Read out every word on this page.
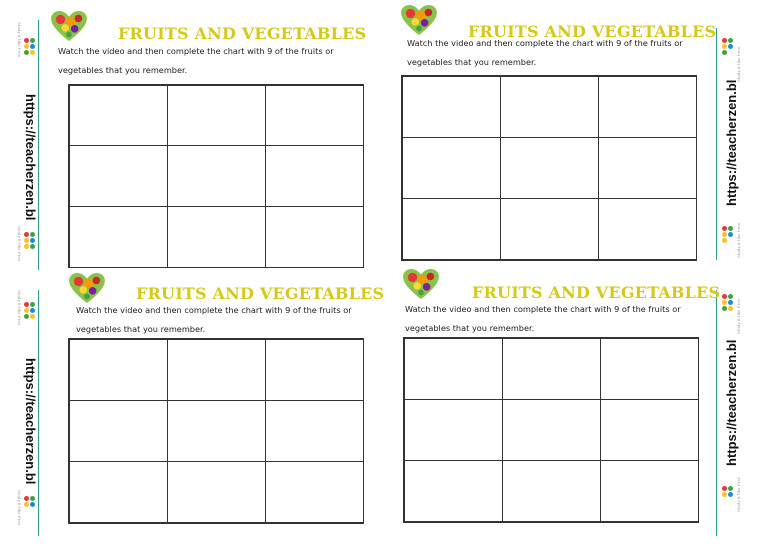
Study it like Free
https://teacherzen.bl
Study it like Free
Study it like Free
https://teacherzen.bl
Study it like Free
Study it like Free
https://teacherzen.bl
Study it like Free
Study it like Free
https://teacherzen.bl
Study it like Free
FRUITS AND VEGETABLES
Watch the video and then complete the chart with 9 of the fruits or
vegetables that you remember.
FRUITS AND VEGETABLES
Watch the video and then complete the chart with 9 of the fruits or
vegetables that you remember.
FRUITS AND VEGETABLES
Watch the video and then complete the chart with 9 of the fruits or
vegetables that you remember.
FRUITS AND VEGETABLES
Watch the video and then complete the chart with 9 of the fruits or
vegetables that you remember.
